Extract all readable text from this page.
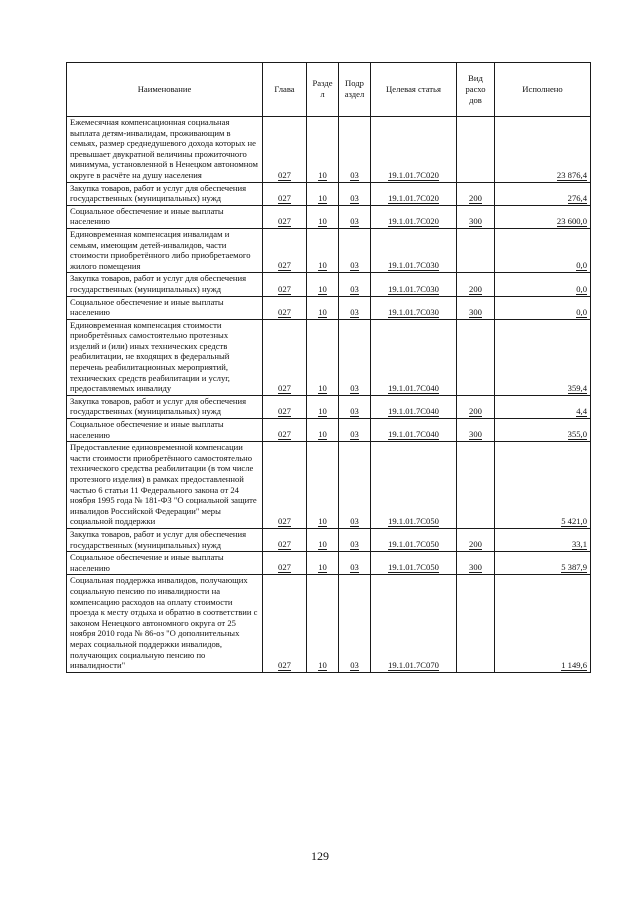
Наименование	Глава	Разде л	Подр аздел	Целевая статья	Вид расхо дов	Исполнено
Ежемесячная компенсационная социальная выплата детям-инвалидам, проживающим в семьях, размер среднедушевого дохода которых не превышает двукратной величины прожиточного минимума, установленной в Ненецком автономном округе в расчёте на душу населения	027	10	03	19.1.01.7С020		23 876,4
Закупка товаров, работ и услуг для обеспечения государственных (муниципальных) нужд	027	10	03	19.1.01.7С020	200	276,4
Социальное обеспечение и иные выплаты населению	027	10	03	19.1.01.7С020	300	23 600,0
Единовременная компенсация инвалидам и семьям, имеющим детей-инвалидов, части стоимости приобретённого либо приобретаемого жилого помещения	027	10	03	19.1.01.7С030		0,0
Закупка товаров, работ и услуг для обеспечения государственных (муниципальных) нужд	027	10	03	19.1.01.7С030	200	0,0
Социальное обеспечение и иные выплаты населению	027	10	03	19.1.01.7С030	300	0,0
Единовременная компенсация стоимости приобретённых самостоятельно протезных изделий и (или) иных технических средств реабилитации, не входящих в федеральный перечень реабилитационных мероприятий, технических средств реабилитации и услуг, предоставляемых инвалиду	027	10	03	19.1.01.7С040		359,4
Закупка товаров, работ и услуг для обеспечения государственных (муниципальных) нужд	027	10	03	19.1.01.7С040	200	4,4
Социальное обеспечение и иные выплаты населению	027	10	03	19.1.01.7С040	300	355,0
Предоставление единовременной компенсации части стоимости приобретённого самостоятельно технического средства реабилитации (в том числе протезного изделия) в рамках предоставленной частью 6 статьи 11 Федерального закона от 24 ноября 1995 года № 181-ФЗ "О социальной защите инвалидов Российской Федерации" меры социальной поддержки	027	10	03	19.1.01.7С050		5 421,0
Закупка товаров, работ и услуг для обеспечения государственных (муниципальных) нужд	027	10	03	19.1.01.7С050	200	33,1
Социальное обеспечение и иные выплаты населению	027	10	03	19.1.01.7С050	300	5 387,9
Социальная поддержка инвалидов, получающих социальную пенсию по инвалидности на компенсацию расходов на оплату стоимости проезда к месту отдыха и обратно в соответствии с законом Ненецкого автономного округа от 25 ноября 2010 года № 86-оз "О дополнительных мерах социальной поддержки инвалидов, получающих социальную пенсию по инвалидности"	027	10	03	19.1.01.7С070		1 149,6
129
